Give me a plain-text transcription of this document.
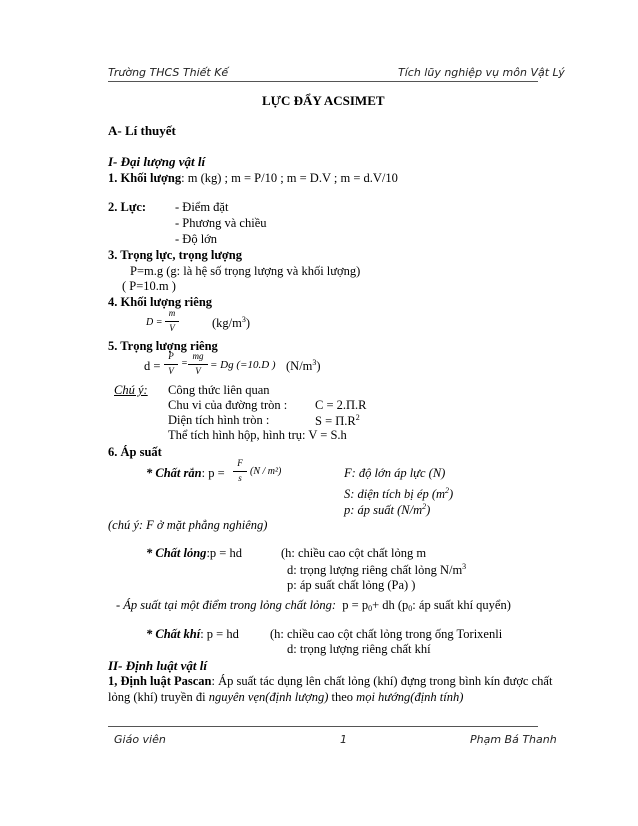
Trường THCS Thiết Kế	Tích lũy nghiệp vụ môn Vật Lý
LỰC ĐẨY ACSIMET
A- Lí thuyết
I- Đại lượng vật lí
1. Khối lượng: m (kg) ; m = P/10 ; m = D.V ; m = d.V/10
2. Lực: - Điểm đặt
- Phương và chiều
- Độ lớn
3. Trọng lực, trọng lượng
P=m.g (g: là hệ số trọng lượng và khối lượng)
( P=10.m )
4. Khối lượng riêng
D =
m
V	$(kg/m^3)$
5. Trọng lượng riêng
d =
P
V
=
mg
V = Dg (=10.D ) $(N/m^3)$
Chú ý: Công thức liên quan
Chu vi của đường tròn : C = 2.Π.R
Diện tích hình tròn :	$S = \Pi.R^2$
Thể tích hình hộp, hình trụ: V = S.h
6. Áp suất
* Chất rắn: p =
F
s
(N / m²)	F: độ lớn áp lực (N)
S: diện tích bị ép $(m^2)$
p: áp suất $(N/m^2)$
(chú ý: F ở mặt phẳng nghiêng)
* Chất lỏng:p = hd	(h: chiều cao cột chất lỏng m
d: trọng lượng riêng chất lỏng $N/m^3$
p: áp suất chất lỏng (Pa) )
- Áp suất tại một điểm trong lỏng chất lỏng: $p = p_0+$ dh ($p_0$: áp suất khí quyển)
* Chất khí: p = hd (h: chiều cao cột chất lỏng trong ống Torixenli
d: trọng lượng riêng chất khí
II- Định luật vật lí
1, Định luật Pascan: Áp suất tác dụng lên chất lỏng (khí) đựng trong bình kín được chất
lỏng (khí) truyền đi nguyên vẹn(định lượng) theo mọi hướng(định tính)
Giáo viên	1	Phạm Bá Thanh
